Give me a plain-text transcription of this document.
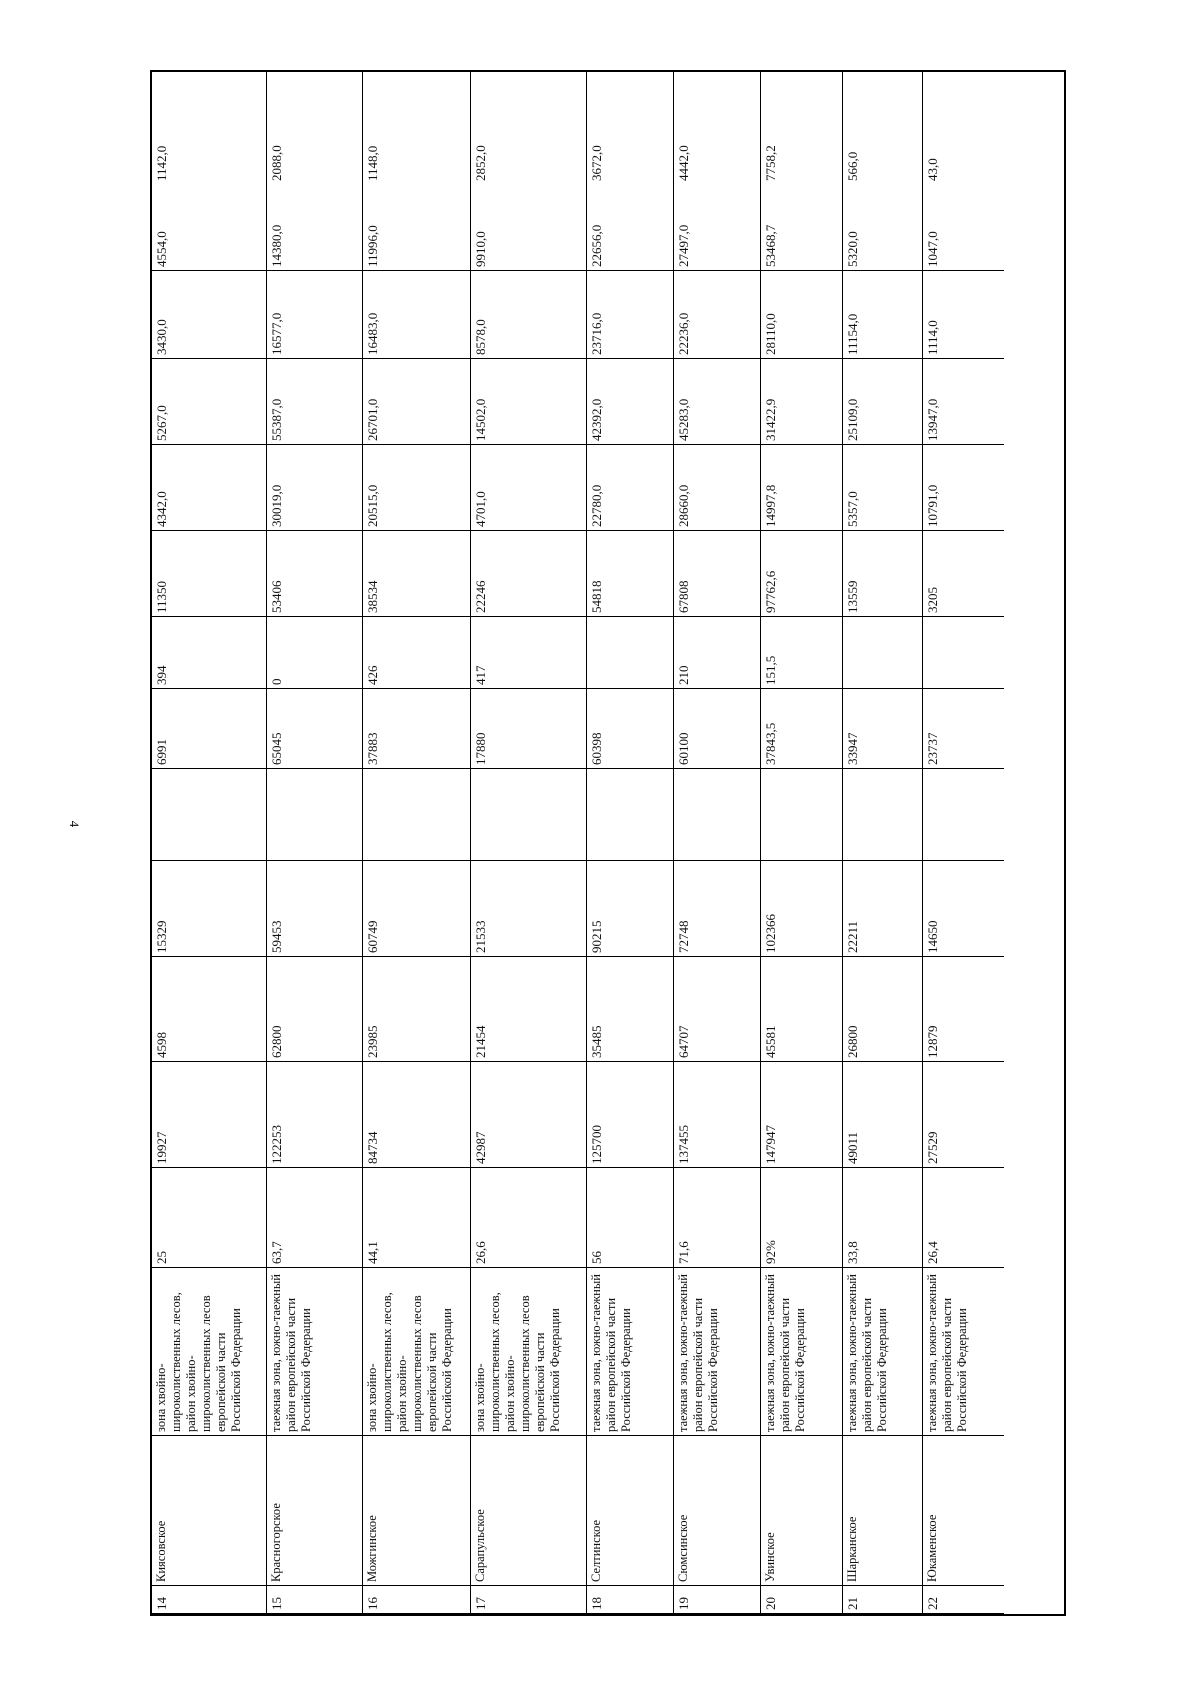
4
14
Киясовское
зона хвойно-широколиственных лесов, район хвойно-широколиственных лесов европейской части Российской Федерации
25
19927
4598
15329
6991
394
11350
4342,0
5267,0
3430,0
4554,0
1142,0
15
Красногорское
таежная зона, южно-таежный район европейской части Российской Федерации
63,7
122253
62800
59453
65045
0
53406
30019,0
55387,0
16577,0
14380,0
2088,0
16
Можгинское
зона хвойно-широколиственных лесов, район хвойно-широколиственных лесов европейской части Российской Федерации
44,1
84734
23985
60749
37883
426
38534
20515,0
26701,0
16483,0
11996,0
1148,0
17
Сарапульское
зона хвойно-широколиственных лесов, район хвойно-широколиственных лесов европейской части Российской Федерации
26,6
42987
21454
21533
17880
417
22246
4701,0
14502,0
8578,0
9910,0
2852,0
18
Селтинское
таежная зона, южно-таежный район европейской части Российской Федерации
56
125700
35485
90215
60398
54818
22780,0
42392,0
23716,0
22656,0
3672,0
19
Сюмсинское
таежная зона, южно-таежный район европейской части Российской Федерации
71,6
137455
64707
72748
60100
210
67808
28660,0
45283,0
22236,0
27497,0
4442,0
20
Увинское
таежная зона, южно-таежный район европейской части Российской Федерации
92%
147947
45581
102366
37843,5
151,5
97762,6
14997,8
31422,9
28110,0
53468,7
7758,2
21
Шарканское
таежная зона, южно-таежный район европейской части Российской Федерации
33,8
49011
26800
22211
33947
13559
5357,0
25109,0
11154,0
5320,0
566,0
22
Юкаменское
таежная зона, южно-таежный район европейской части Российской Федерации
26,4
27529
12879
14650
23737
3205
10791,0
13947,0
1114,0
1047,0
43,0
